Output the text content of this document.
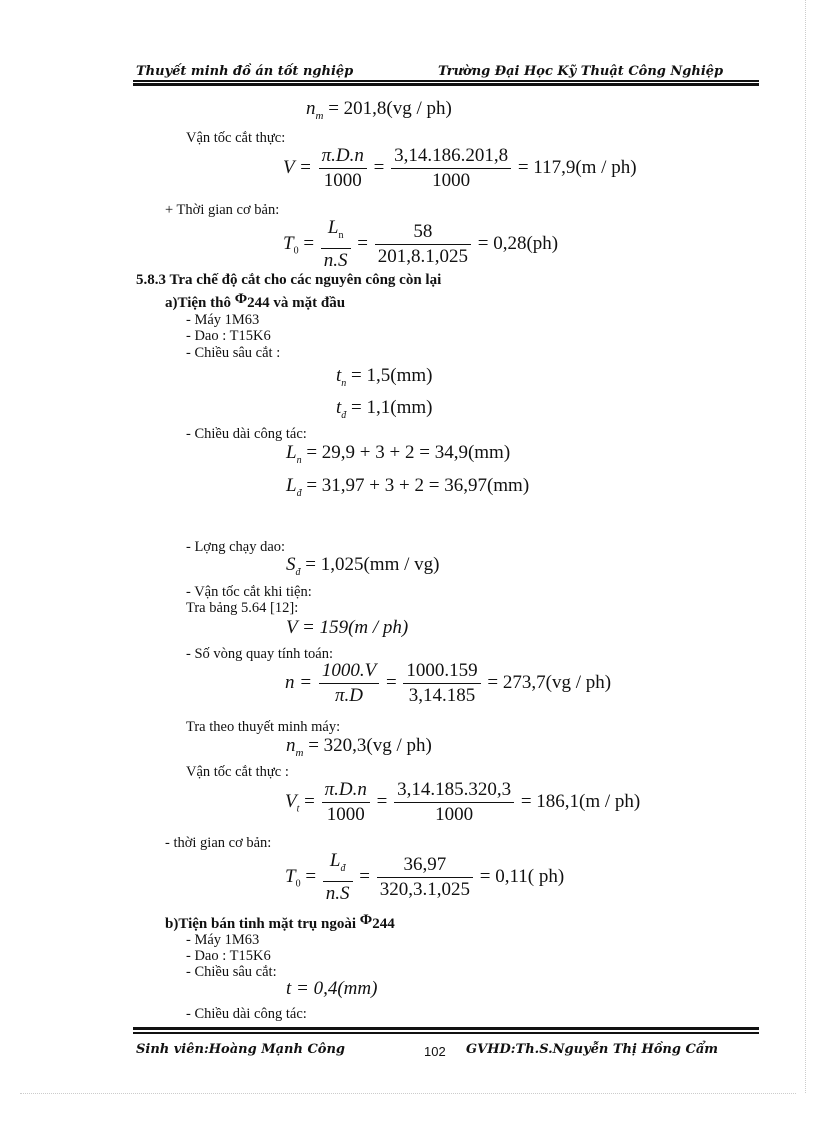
Thuyết minh đồ án tốt nghiệp	Trường Đại Học Kỹ Thuật Công Nghiệp
$n_m = 201,8(vg / ph)$
Vận tốc cắt thực:
$V = \frac{\pi.D.n}{1000} = \frac{3,14.186.201,8}{1000} = 117,9(m / ph)$
+ Thời gian cơ bản:
$T_0 = \frac{L_n}{n.S} = \frac{58}{201,8.1,025} = 0,28(ph)$
5.8.3 Tra chế độ cắt cho các nguyên công còn lại
a)Tiện thô Φ244 và mặt đầu
- Máy 1M63
- Dao : T15K6
- Chiều sâu cắt :
$t_n = 1,5(mm)$
$t_đ = 1,1(mm)$
- Chiều dài công tác:
$L_n = 29,9 + 3 + 2 = 34,9(mm)$
$L_đ = 31,97 + 3 + 2 = 36,97(mm)$
- Lợng chạy dao:
$S_đ = 1,025(mm / vg)$
- Vận tốc cắt khi tiện:
Tra bảng 5.64 [12]:
V = 159(m / ph)
- Số vòng quay tính toán:
$n = \frac{1000.V}{\pi.D} = \frac{1000.159}{3,14.185} = 273,7(vg / ph)$
Tra theo thuyết minh máy:
$n_m = 320,3(vg / ph)$
Vận tốc cắt thực :
$V_t = \frac{\pi.D.n}{1000} = \frac{3,14.185.320,3}{1000} = 186,1(m / ph)$
- thời gian cơ bản:
$T_0 = \frac{L_đ}{n.S} = \frac{36,97}{320,3.1,025} = 0,11$( ph)
b)Tiện bán tinh mặt trụ ngoài Φ244
- Máy 1M63
- Dao : T15K6
- Chiều sâu cắt:
t = 0,4(mm)
- Chiều dài công tác:
Sinh viên:Hoàng Mạnh Công	102 GVHD:Th.S.Nguyễn Thị Hồng Cẩm
